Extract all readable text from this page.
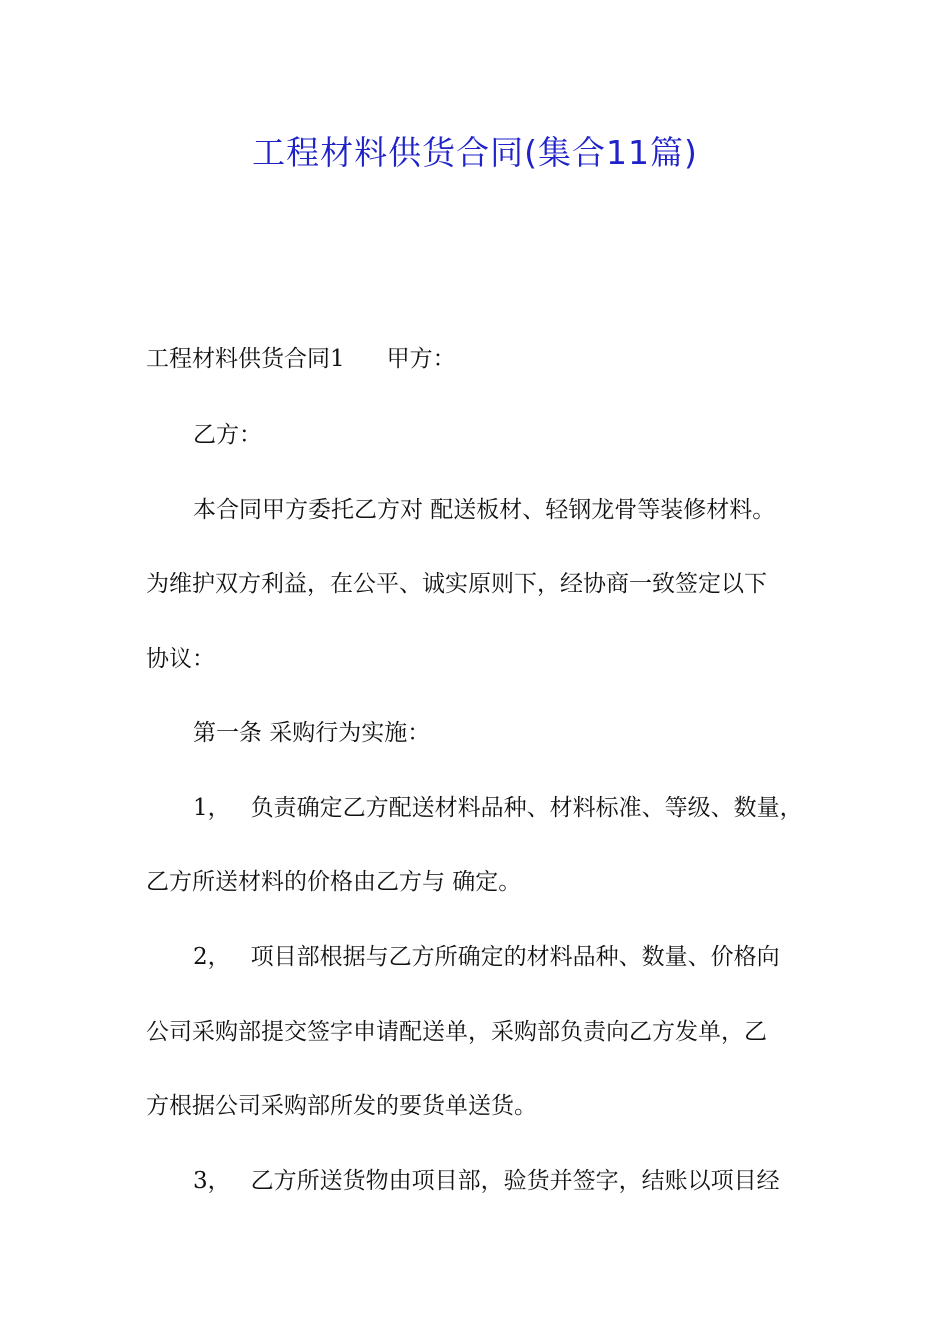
工程材料供货合同(集合11篇)

工程材料供货合同1 甲方：

乙方：

本合同甲方委托乙方对 配送板材、轻钢龙骨等装修材料。

为维护双方利益，在公平、诚实原则下，经协商一致签定以下

协议：

第一条 采购行为实施：

1， 负责确定乙方配送材料品种、材料标准、等级、数量，

乙方所送材料的价格由乙方与 确定。

2， 项目部根据与乙方所确定的材料品种、数量、价格向

公司采购部提交签字申请配送单，采购部负责向乙方发单，乙

方根据公司采购部所发的要货单送货。

3， 乙方所送货物由项目部，验货并签字，结账以项目经
